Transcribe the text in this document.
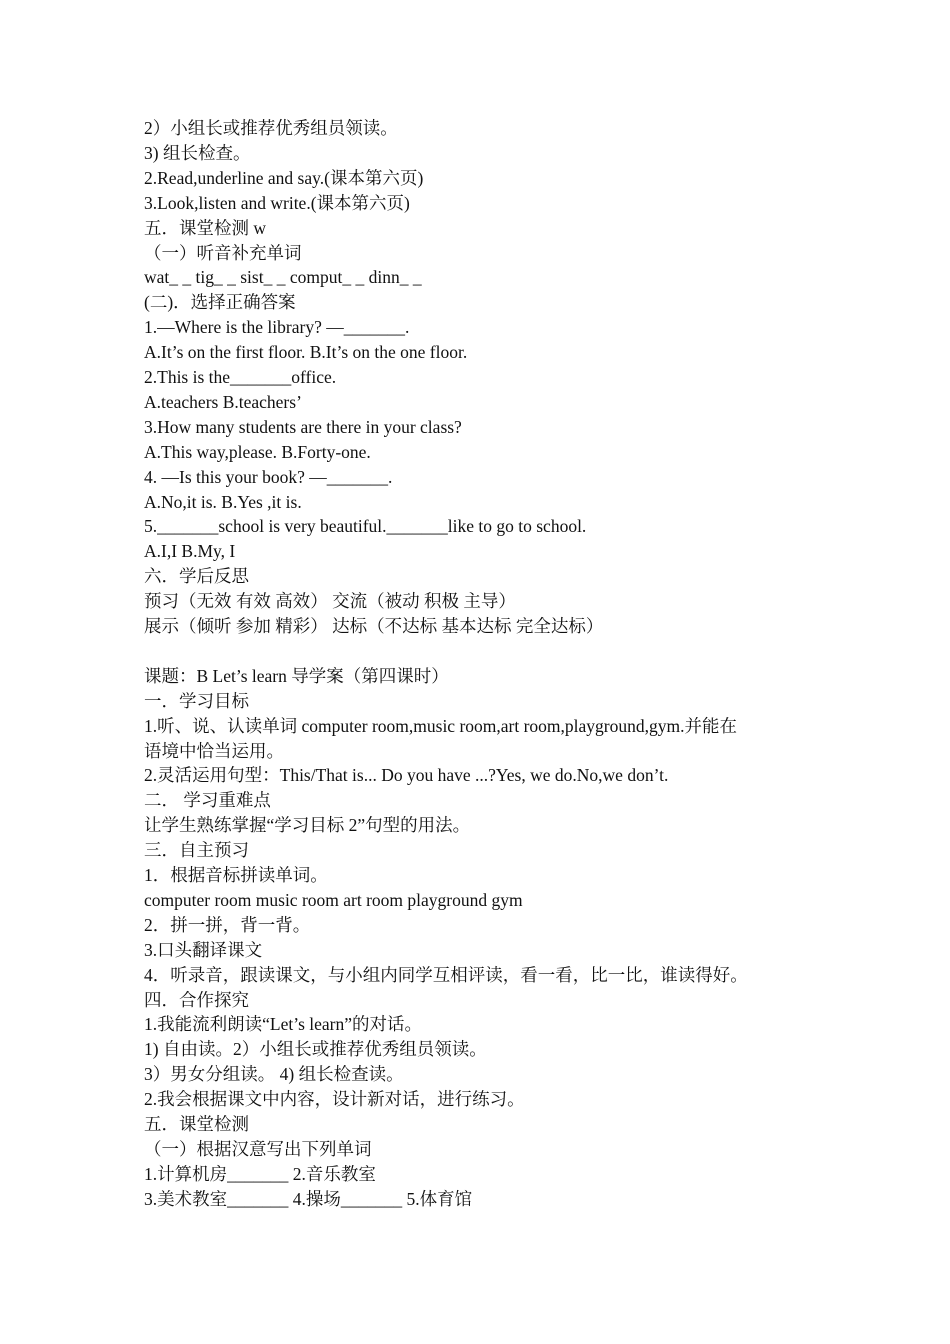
2）小组长或推荐优秀组员领读。
3) 组长检查。
2.Read,underline and say.(课本第六页)
3.Look,listen and write.(课本第六页)
五．课堂检测 w
（一）听音补充单词
wat_ _ tig_ _ sist_ _ comput_ _ dinn_ _
(二)．选择正确答案
1.—Where is the library? —_______.
A.It’s on the first floor. B.It’s on the one floor.
2.This is the_______office.
A.teachers B.teachers’
3.How many students are there in your class?
A.This way,please. B.Forty-one.
4. —Is this your book? —_______.
A.No,it is. B.Yes ,it is.
5._______school is very beautiful._______like to go to school.
A.I,I B.My, I
六．学后反思
预习（无效 有效 高效） 交流（被动 积极 主导）
展示（倾听 参加 精彩） 达标（不达标 基本达标 完全达标）
课题：B Let’s learn 导学案（第四课时）
一．学习目标
1.听、说、认读单词 computer room,music room,art room,playground,gym.并能在
语境中恰当运用。
2.灵活运用句型：This/That is... Do you have ...?Yes, we do.No,we don’t.
二． 学习重难点
让学生熟练掌握“学习目标 2”句型的用法。
三．自主预习
1．根据音标拼读单词。
computer room music room art room playground gym
2．拼一拼，背一背。
3.口头翻译课文
4．听录音，跟读课文，与小组内同学互相评读，看一看，比一比，谁读得好。
四．合作探究
1.我能流利朗读“Let’s learn”的对话。
1) 自由读。2）小组长或推荐优秀组员领读。
3）男女分组读。 4) 组长检查读。
2.我会根据课文中内容，设计新对话，进行练习。
五．课堂检测
（一）根据汉意写出下列单词
1.计算机房_______ 2.音乐教室
3.美术教室_______ 4.操场_______ 5.体育馆
